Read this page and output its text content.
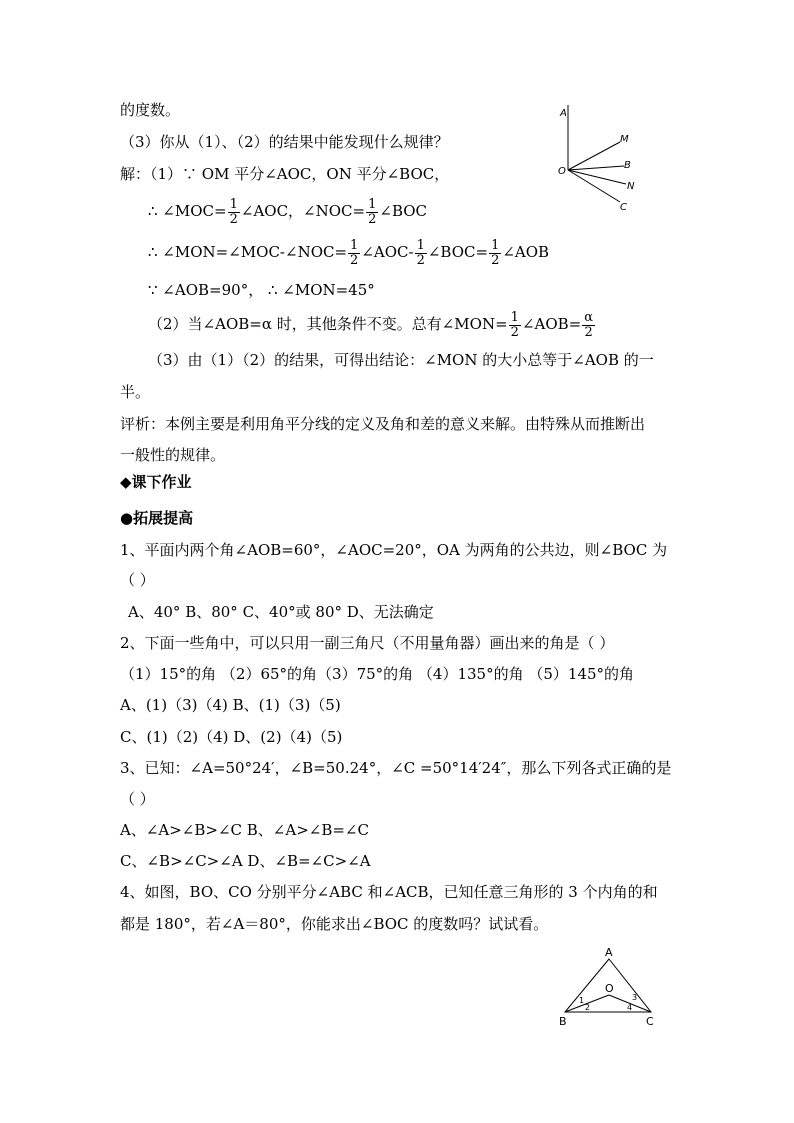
的度数。
（3）你从（1）、（2）的结果中能发现什么规律？
解：（1）∵ OM 平分∠AOC，ON 平分∠BOC，
∴ ∠MOC= $\frac{1}{2}$ ∠AOC，∠NOC= $\frac{1}{2}$ ∠BOC
∴ ∠MON=∠MOC-∠NOC= $\frac{1}{2}$ ∠AOC- $\frac{1}{2}$ ∠BOC= $\frac{1}{2}$ ∠AOB
∵ ∠AOB=90°， ∴ ∠MON=45°
（2）当∠AOB=α 时，其他条件不变。总有∠MON= $\frac{1}{2}$ ∠AOB= $\frac{\alpha}{2}$
（3）由（1）（2）的结果，可得出结论：∠MON 的大小总等于∠AOB 的一
半。
评析：本例主要是利用角平分线的定义及角和差的意义来解。由特殊从而推断出
一般性的规律。
◆课下作业
●拓展提高
1、平面内两个角∠AOB=60°，∠AOC=20°，OA 为两角的公共边，则∠BOC 为
（ ）
A、40° B、80° C、40°或 80° D、无法确定
2、下面一些角中，可以只用一副三角尺（不用量角器）画出来的角是（ ）
（1）15°的角 （2）65°的角（3）75°的角 （4）135°的角 （5）145°的角
A、(1)（3)（4) B、(1)（3)（5)
C、(1)（2)（4) D、(2)（4)（5)
3、已知：∠A=50°24′，∠B=50.24°，∠C =50°14′24″，那么下列各式正确的是
（ ）
A、∠A>∠B>∠C B、∠A>∠B=∠C
C、∠B>∠C>∠A D、∠B=∠C>∠A
4、如图，BO、CO 分别平分∠ABC 和∠ACB，已知任意三角形的 3 个内角的和
都是 180°，若∠A＝80°，你能求出∠BOC 的度数吗？试试看。
A
M
B
O
N
C
A
O
B	C
1
2
3
4
